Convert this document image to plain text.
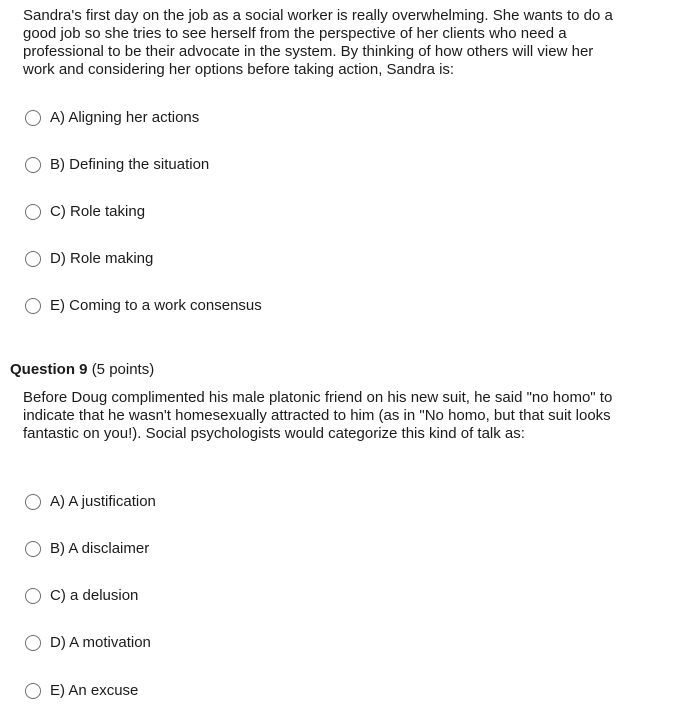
Sandra's first day on the job as a social worker is really overwhelming. She wants to do a good job so she tries to see herself from the perspective of her clients who need a professional to be their advocate in the system. By thinking of how others will view her work and considering her options before taking action, Sandra is:

A) Aligning her actions
B) Defining the situation
C) Role taking
D) Role making
E) Coming to a work consensus
Question 9 (5 points)

Before Doug complimented his male platonic friend on his new suit, he said "no homo" to indicate that he wasn't homesexually attracted to him (as in "No homo, but that suit looks fantastic on you!). Social psychologists would categorize this kind of talk as:

A) A justification
B) A disclaimer
C) a delusion
D) A motivation
E) An excuse
